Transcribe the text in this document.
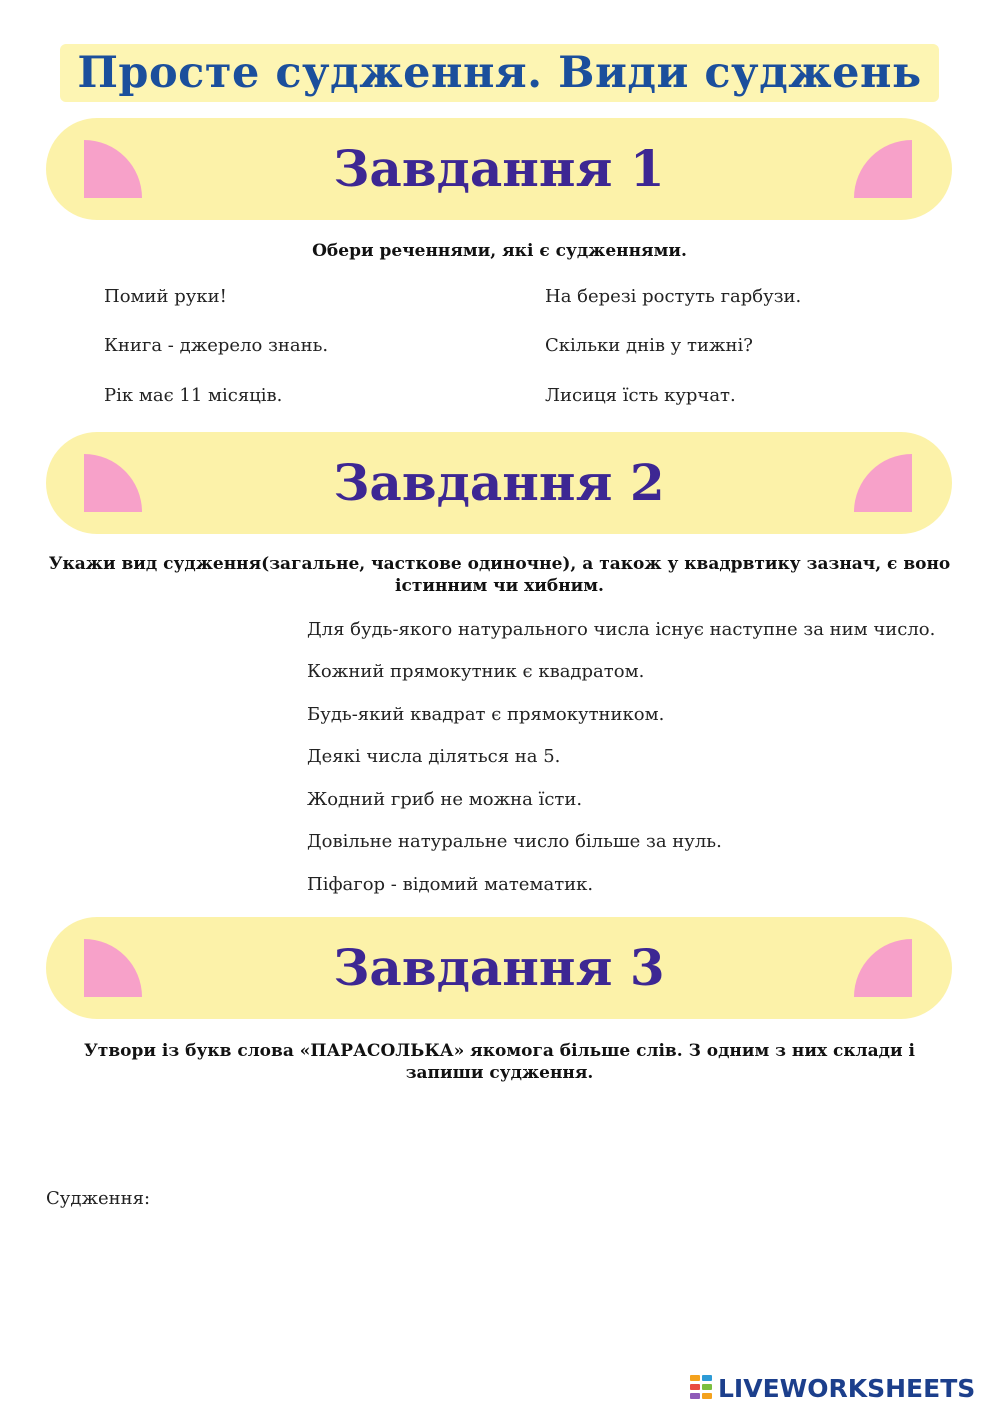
Просте судження. Види суджень
Завдання 1
Обери реченнями, які є судженнями.
Помий руки!
Книга - джерело знань.
Рік має 11 місяців.
На березі ростуть гарбузи.
Скільки днів у тижні?
Лисиця їсть курчат.
Завдання 2
Укажи вид судження(загальне, часткове одиночне), а також у квадрвтику зазнач, є воно
істинним чи хибним.
Для будь-якого натурального числа існує наступне за ним число.
Кожний прямокутник є квадратом.
Будь-який квадрат є прямокутником.
Деякі числа діляться на 5.
Жодний гриб не можна їсти.
Довільне натуральне число більше за нуль.
Піфагор - відомий математик.
Завдання 3
Утвори із букв слова «ПАРАСОЛЬКА» якомога більше слів. З одним з них склади і
запиши судження.
Судження:
LIVEWORKSHEETS
